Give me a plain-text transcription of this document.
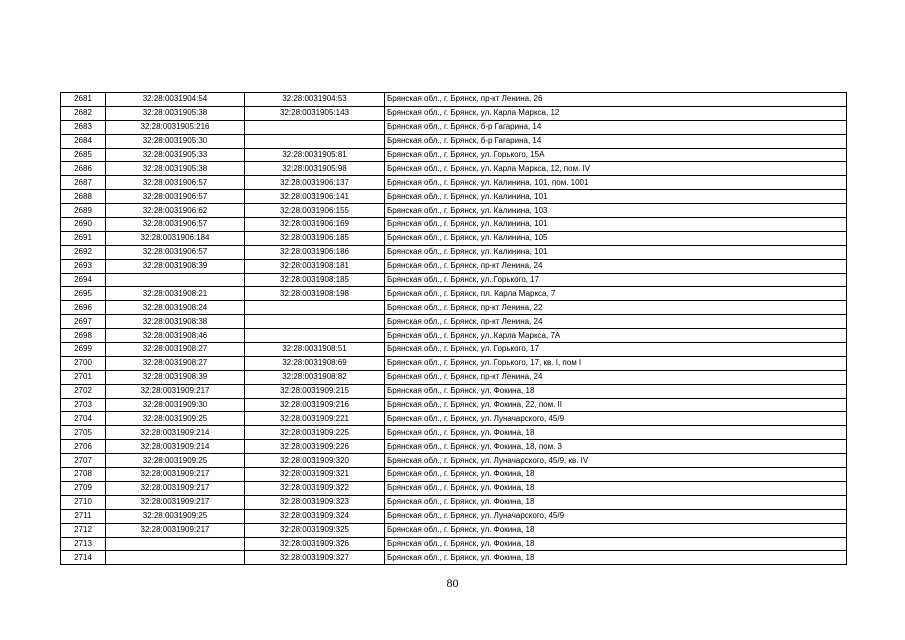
2681	32:28:0031904:54	32:28:0031904:53	Брянская обл., г. Брянск, пр-кт Ленина, 26
2682	32:28:0031905:38	32:28:0031905:143	Брянская обл., г. Брянск, ул. Карла Маркса, 12
2683	32:28:0031905:216		Брянская обл., г. Брянск, б-р Гагарина, 14
2684	32:28:0031905:30		Брянская обл., г. Брянск, б-р Гагарина, 14
2685	32:28:0031905:33	32:28:0031905:81	Брянская обл., г. Брянск, ул. Горького, 15А
2686	32:28:0031905:38	32:28:0031905:98	Брянская обл., г. Брянск, ул. Карла Маркса, 12, пом. IV
2687	32:28:0031906:57	32:28:0031906:137	Брянская обл., г. Брянск, ул. Калинина, 101, пом. 1001
2688	32:28:0031906:57	32:28:0031906:141	Брянская обл., г. Брянск, ул. Калинина, 101
2689	32:28:0031906:62	32:28:0031906:155	Брянская обл., г. Брянск, ул. Калинина, 103
2690	32:28:0031906:57	32:28:0031906:169	Брянская обл., г. Брянск, ул. Калинина, 101
2691	32:28:0031906:184	32:28:0031906:185	Брянская обл., г. Брянск, ул. Калинина, 105
2692	32:28:0031906:57	32:28:0031906:186	Брянская обл., г. Брянск, ул. Калинина, 101
2693	32:28:0031908:39	32:28:0031908:181	Брянская обл., г. Брянск, пр-кт Ленина, 24
2694		32:28:0031908:185	Брянская обл., г. Брянск, ул. Горького, 17
2695	32:28:0031908:21	32:28:0031908:198	Брянская обл., г. Брянск, пл. Карла Маркса, 7
2696	32:28:0031908:24		Брянская обл., г. Брянск, пр-кт Ленина, 22
2697	32:28:0031908:38		Брянская обл., г. Брянск, пр-кт Ленина, 24
2698	32:28:0031908:46		Брянская обл., г. Брянск, ул. Карла Маркса, 7А
2699	32:28:0031908:27	32:28:0031908:51	Брянская обл., г. Брянск, ул. Горького, 17
2700	32:28:0031908:27	32:28:0031908:69	Брянская обл., г. Брянск, ул. Горького, 17, кв. I, пом I
2701	32:28:0031908:39	32:28:0031908:82	Брянская обл., г. Брянск, пр-кт Ленина, 24
2702	32:28:0031909:217	32:28:0031909:215	Брянская обл., г. Брянск, ул. Фокина, 18
2703	32:28:0031909:30	32:28:0031909:216	Брянская обл., г. Брянск, ул. Фокина, 22, пом. II
2704	32:28:0031909:25	32:28:0031909:221	Брянская обл., г. Брянск, ул. Луначарского, 45/9
2705	32:28:0031909:214	32:28:0031909:225	Брянская обл., г. Брянск, ул. Фокина, 18
2706	32:28:0031909:214	32:28:0031909:226	Брянская обл., г. Брянск, ул. Фокина, 18, пом. 3
2707	32:28:0031909:25	32:28:0031909:320	Брянская обл., г. Брянск, ул. Луначарского, 45/9, кв. IV
2708	32:28:0031909:217	32:28:0031909:321	Брянская обл., г. Брянск, ул. Фокина, 18
2709	32:28:0031909:217	32:28:0031909:322	Брянская обл., г. Брянск, ул. Фокина, 18
2710	32:28:0031909:217	32:28:0031909:323	Брянская обл., г. Брянск, ул. Фокина, 18
2711	32:28:0031909:25	32:28:0031909:324	Брянская обл., г. Брянск, ул. Луначарского, 45/9
2712	32:28:0031909:217	32:28:0031909:325	Брянская обл., г. Брянск, ул. Фокина, 18
2713		32:28:0031909:326	Брянская обл., г. Брянск, ул. Фокина, 18
2714		32:28:0031909:327	Брянская обл., г. Брянск, ул. Фокина, 18
80
